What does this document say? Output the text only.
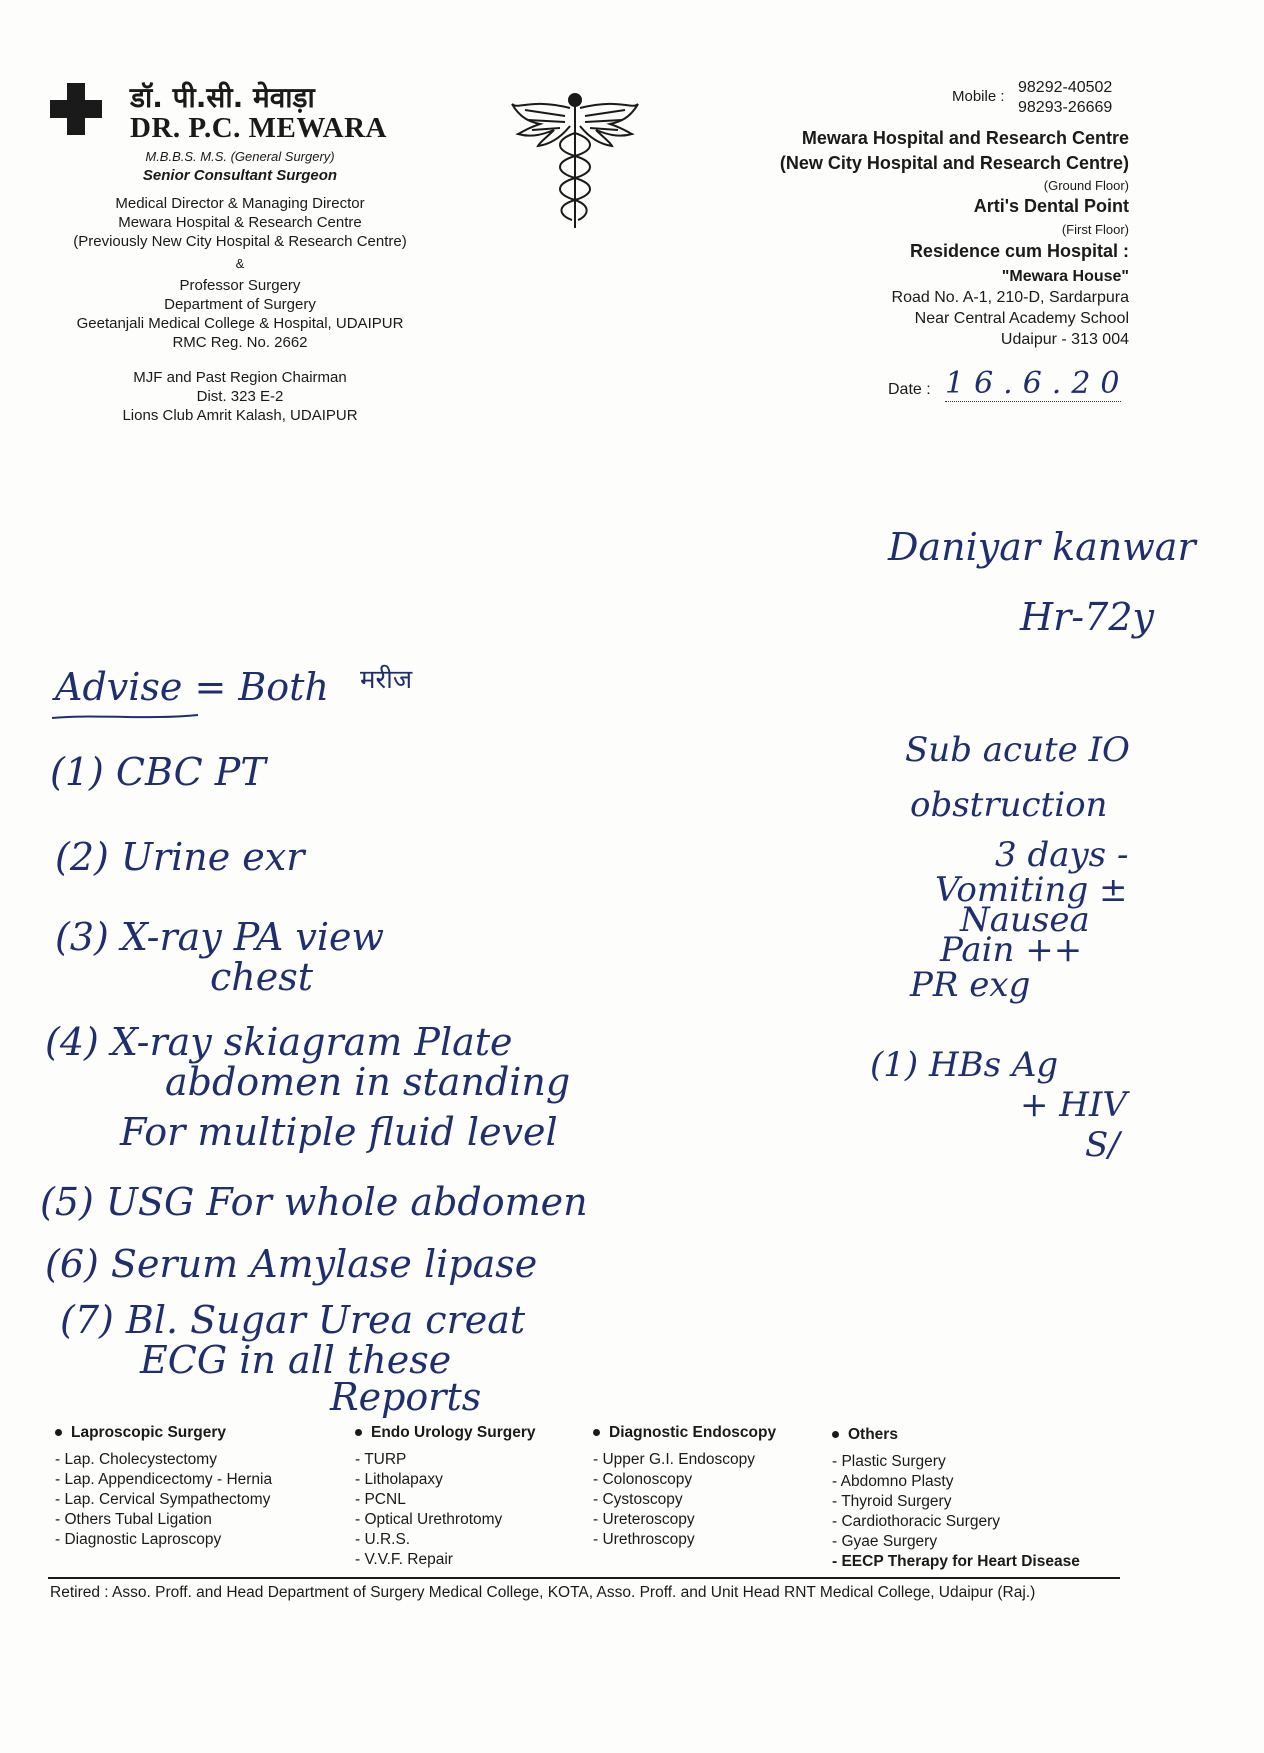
डॉ. पी.सी. मेवाड़ा
DR. P.C. MEWARA
M.B.B.S. M.S. (General Surgery)
Senior Consultant Surgeon
Medical Director & Managing Director
Mewara Hospital & Research Centre
(Previously New City Hospital & Research Centre)
&
Professor Surgery
Department of Surgery
Geetanjali Medical College & Hospital, UDAIPUR
RMC Reg. No. 2662
MJF and Past Region Chairman
Dist. 323 E-2
Lions Club Amrit Kalash, UDAIPUR
Mobile :
98292-40502
98293-26669
Mewara Hospital and Research Centre
(New City Hospital and Research Centre)
(Ground Floor)
Arti's Dental Point
(First Floor)
Residence cum Hospital :
"Mewara House"
Road No. A-1, 210-D, Sardarpura
Near Central Academy School
Udaipur - 313 004
Date : 16.6.20
Daniyar kanwar
Hr-72y
Advise = Both मरीज
(1) CBC PT
(2) Urine exr
(3) X-ray PA view
chest
(4) X-ray skiagram Plate
abdomen in standing
For multiple fluid level
(5) USG For whole abdomen
(6) Serum Amylase lipase
(7) Bl. Sugar Urea creat
ECG in all these
Reports
Sub acute IO
obstruction
3 days -
Vomiting ±
Nausea
Pain ++
PR exg
(1) HBs Ag
+ HIV
S/
Laproscopic Surgery
- Lap. Cholecystectomy
- Lap. Appendicectomy - Hernia
- Lap. Cervical Sympathectomy
- Others Tubal Ligation
- Diagnostic Laproscopy
Endo Urology Surgery
- TURP
- Litholapaxy
- PCNL
- Optical Urethrotomy
- U.R.S.
- V.V.F. Repair
Diagnostic Endoscopy
- Upper G.I. Endoscopy
- Colonoscopy
- Cystoscopy
- Ureteroscopy
- Urethroscopy
Others
- Plastic Surgery
- Abdomno Plasty
- Thyroid Surgery
- Cardiothoracic Surgery
- Gyae Surgery
- EECP Therapy for Heart Disease
Retired : Asso. Proff. and Head Department of Surgery Medical College, KOTA, Asso. Proff. and Unit Head RNT Medical College, Udaipur (Raj.)
